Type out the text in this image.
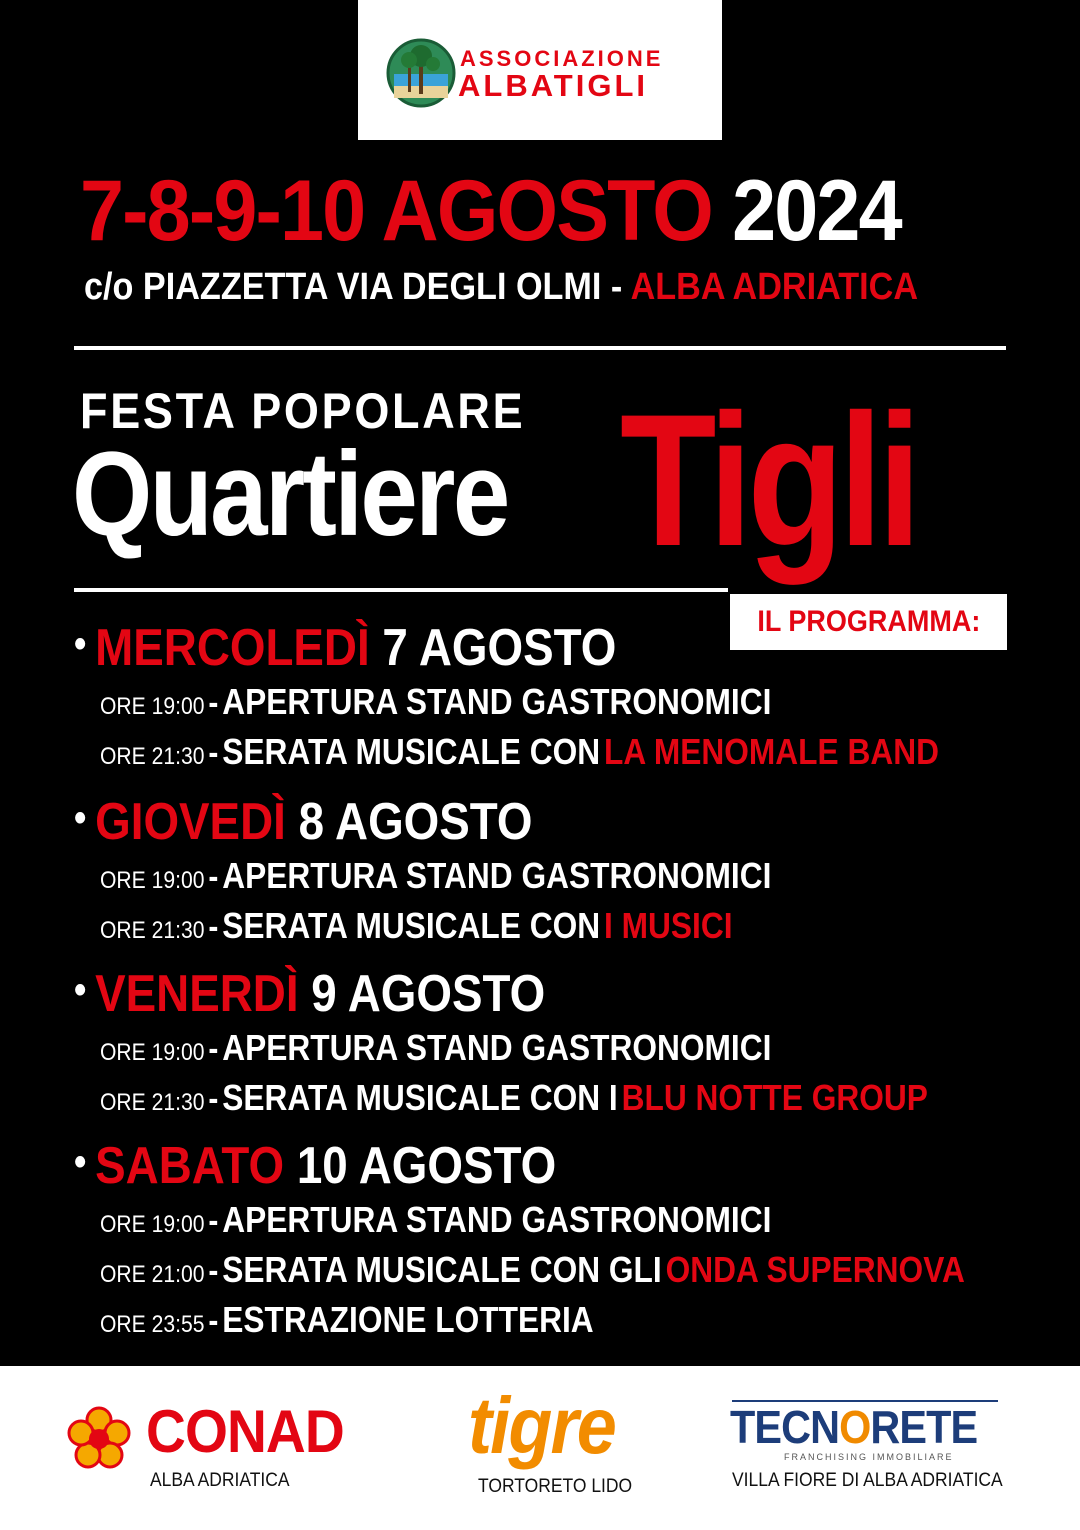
ASSOCIAZIONE
ALBATIGLI
7-8-9-10 AGOSTO 2024
c/o PIAZZETTA VIA DEGLI OLMI - ALBA ADRIATICA
Tigli
FESTA POPOLARE
Quartiere
IL PROGRAMMA:
• MERCOLEDÌ 7 AGOSTO
ORE 19:00 - APERTURA STAND GASTRONOMICI
ORE 21:30 - SERATA MUSICALE CON LA MENOMALE BAND
• GIOVEDÌ 8 AGOSTO
ORE 19:00 - APERTURA STAND GASTRONOMICI
ORE 21:30 - SERATA MUSICALE CON I MUSICI
• VENERDÌ 9 AGOSTO
ORE 19:00 - APERTURA STAND GASTRONOMICI
ORE 21:30 - SERATA MUSICALE CON I BLU NOTTE GROUP
• SABATO 10 AGOSTO
ORE 19:00 - APERTURA STAND GASTRONOMICI
ORE 21:00 - SERATA MUSICALE CON GLI ONDA SUPERNOVA
ORE 23:55 - ESTRAZIONE LOTTERIA
CONAD
ALBA ADRIATICA
tigre
TORTORETO LIDO
TECNORETE
FRANCHISING IMMOBILIARE
VILLA FIORE DI ALBA ADRIATICA
